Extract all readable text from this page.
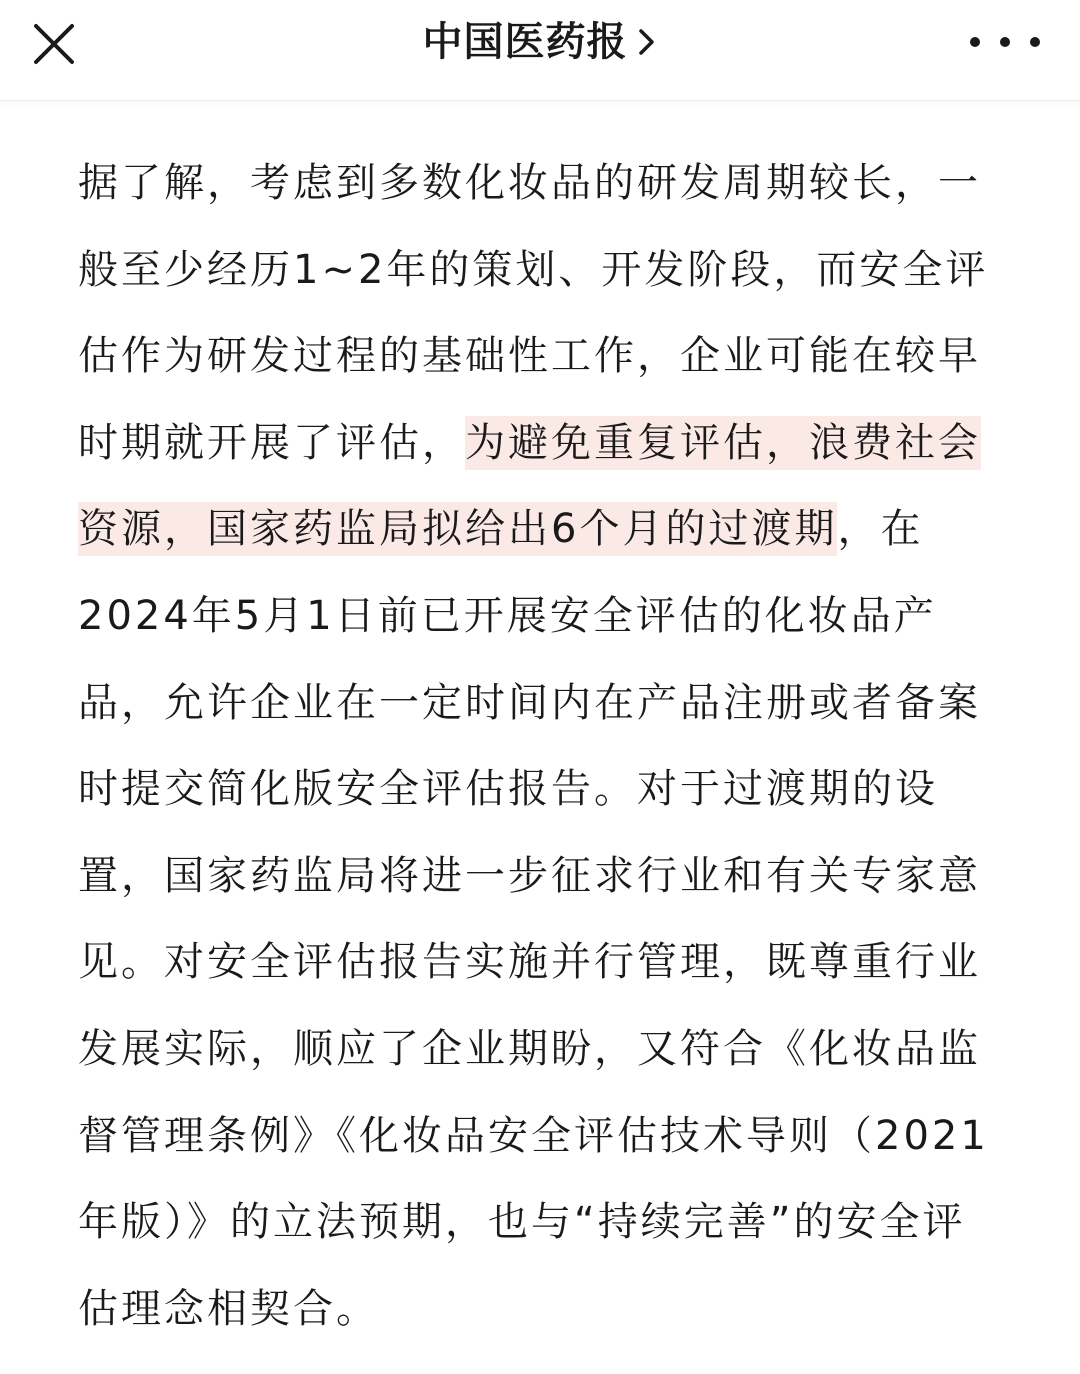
中国医药报
据了解，考虑到多数化妆品的研发周期较长，一般至少经历1~2年的策划、开发阶段，而安全评估作为研发过程的基础性工作，企业可能在较早时期就开展了评估，为避免重复评估，浪费社会资源，国家药监局拟给出6个月的过渡期，在2024年5月1日前已开展安全评估的化妆品产品，允许企业在一定时间内在产品注册或者备案时提交简化版安全评估报告。对于过渡期的设置，国家药监局将进一步征求行业和有关专家意见。对安全评估报告实施并行管理，既尊重行业发展实际，顺应了企业期盼，又符合《化妆品监督管理条例》《化妆品安全评估技术导则（2021年版）》的立法预期，也与“持续完善”的安全评估理念相契合。
